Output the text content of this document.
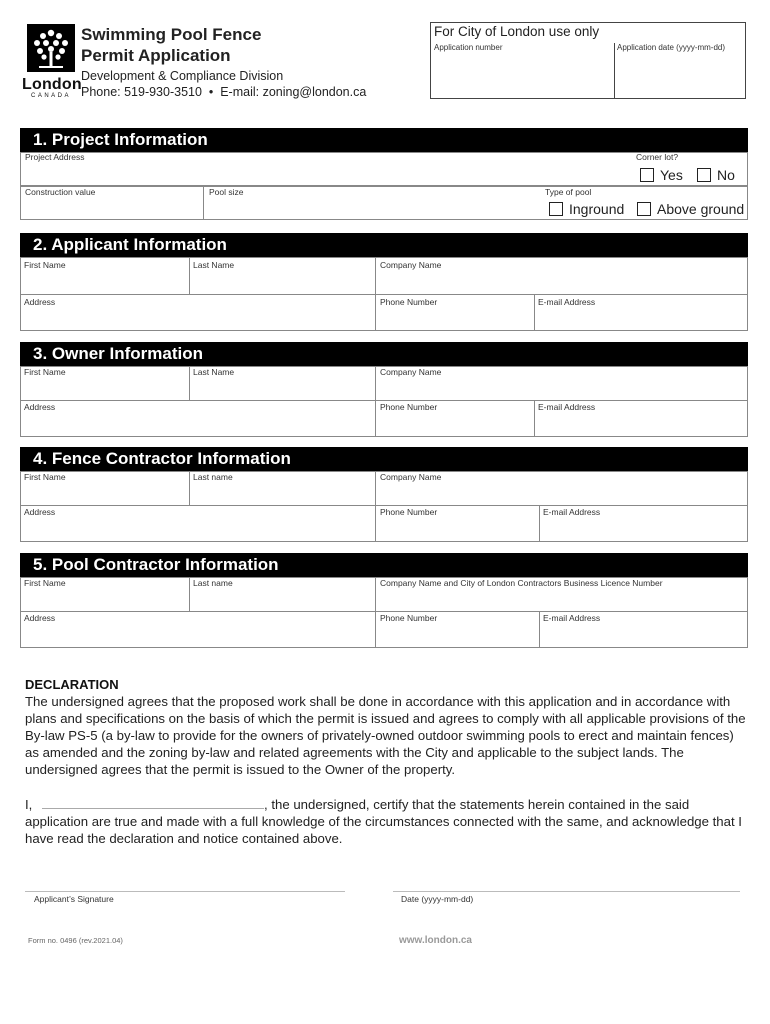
London
CANADA
Swimming Pool Fence
Permit Application
Development & Compliance Division
Phone: 519-930-3510  •  E-mail: zoning@london.ca
For City of London use only
Application number	Application date (yyyy-mm-dd)
1. Project Information
Project Address	Corner lot?
Yes No
Construction value	Pool size	Type of pool
Inground Above ground
2. Applicant Information
First Name	Last Name	Company Name
Address	Phone Number	E-mail Address
3. Owner Information
First Name	Last Name	Company Name
Address	Phone Number	E-mail Address
4. Fence Contractor Information
First Name	Last name	Company Name
Address	Phone Number	E-mail Address
5. Pool Contractor Information
First Name	Last name	Company Name and City of London Contractors Business Licence Number
Address	Phone Number	E-mail Address
DECLARATION
The undersigned agrees that the proposed work shall be done in accordance with this application and in accordance with plans and specifications on the basis of which the permit is issued and agrees to comply with all applicable provisions of the By-law PS-5 (a by-law to provide for the owners of privately-owned outdoor swimming pools to erect and maintain fences) as amended and the zoning by-law and related agreements with the City and applicable to the subject lands. The undersigned agrees that the permit is issued to the Owner of the property.
I,	, the undersigned, certify that the statements herein contained in the said application are true and made with a full knowledge of the circumstances connected with the same, and acknowledge that I have read the declaration and notice contained above.
Applicant’s Signature	Date (yyyy-mm-dd)
Form no. 0496 (rev.2021.04)	www.london.ca
